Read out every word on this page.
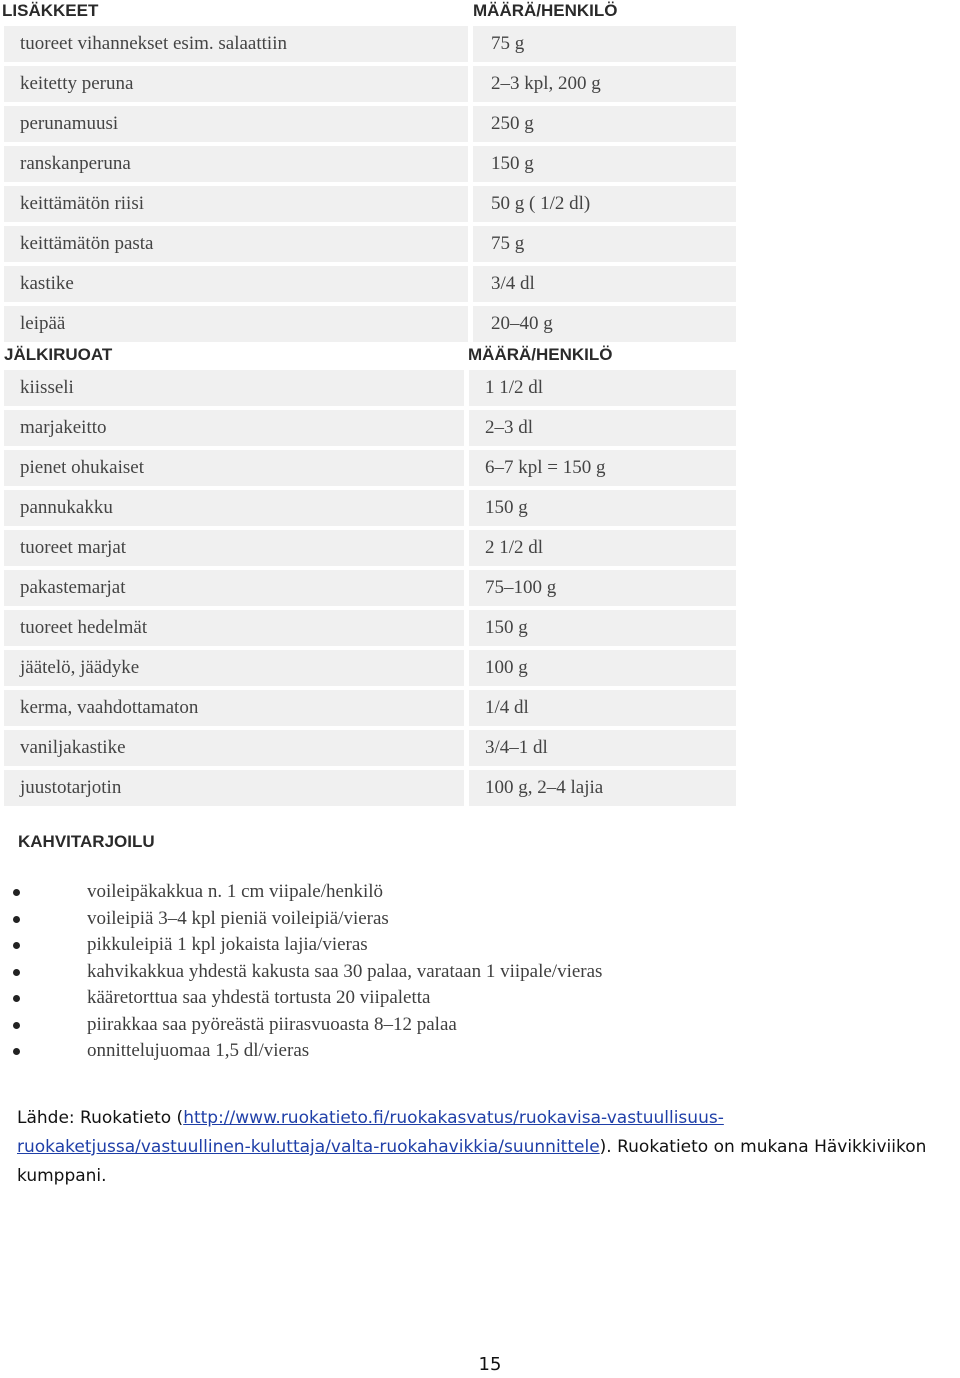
LISÄKKEET	MÄÄRÄ/HENKILÖ
tuoreet vihannekset esim. salaattiin	75 g
keitetty peruna	2–3 kpl, 200 g
perunamuusi	250 g
ranskanperuna	150 g
keittämätön riisi	50 g ( 1/2 dl)
keittämätön pasta	75 g
kastike	3/4 dl
leipää	20–40 g
JÄLKIRUOAT	MÄÄRÄ/HENKILÖ
kiisseli	1 1/2 dl
marjakeitto	2–3 dl
pienet ohukaiset	6–7 kpl = 150 g
pannukakku	150 g
tuoreet marjat	2 1/2 dl
pakastemarjat	75–100 g
tuoreet hedelmät	150 g
jäätelö, jäädyke	100 g
kerma, vaahdottamaton	1/4 dl
vaniljakastike	3/4–1 dl
juustotarjotin	100 g, 2–4 lajia
KAHVITARJOILU
voileipäkakkua n. 1 cm viipale/henkilö
voileipiä 3–4 kpl pieniä voileipiä/vieras
pikkuleipiä 1 kpl jokaista lajia/vieras
kahvikakkua yhdestä kakusta saa 30 palaa, varataan 1 viipale/vieras
kääretorttua saa yhdestä tortusta 20 viipaletta
piirakkaa saa pyöreästä piirasvuoasta 8–12 palaa
onnittelujuomaa 1,5 dl/vieras
Lähde: Ruokatieto (http://www.ruokatieto.fi/ruokakasvatus/ruokavisa-vastuullisuus-
ruokaketjussa/vastuullinen-kuluttaja/valta-ruokahavikkia/suunnittele). Ruokatieto on mukana Hävikkiviikon
kumppani.
15
